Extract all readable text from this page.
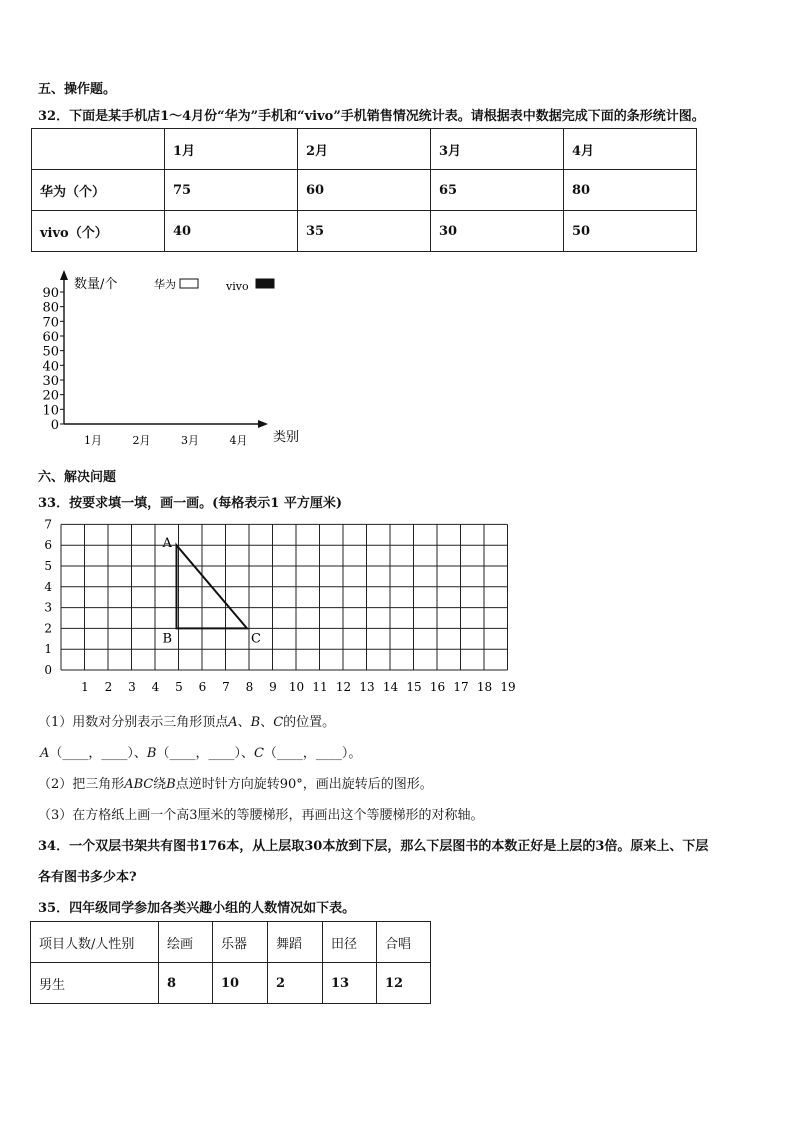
五、操作题。
32．下面是某手机店1～4月份“华为”手机和“vivo”手机销售情况统计表。请根据表中数据完成下面的条形统计图。
	1月	2月	3月	4月
华为（个）	75	60	65	80
vivo（个）	40	35	30	50
0
10
20
30
40
50
60
70
80
90
1月	2月	3月	4月
数量/个
类别
华为	vivo
六、解决问题
33．按要求填一填，画一画。(每格表示1 平方厘米)
0
1
2
3
4
5
6
7
1 2 3 4 5 6 7 8 9 10 11 12 13 14 15 16 17 18 19
A
B	C
（1）用数对分别表示三角形顶点𝐴、𝐵、𝐶的位置。
𝐴（____，____）、𝐵（____，____）、𝐶（____，____）。
（2）把三角形𝐴𝐵𝐶绕𝐵点逆时针方向旋转90°，画出旋转后的图形。
（3）在方格纸上画一个高3厘米的等腰梯形，再画出这个等腰梯形的对称轴。
34．一个双层书架共有图书176本，从上层取30本放到下层，那么下层图书的本数正好是上层的3倍。原来上、下层
各有图书多少本?
35．四年级同学参加各类兴趣小组的人数情况如下表。
项目人数/人性别	绘画	乐器	舞蹈	田径	合唱
男生	8	10	2	13	12
